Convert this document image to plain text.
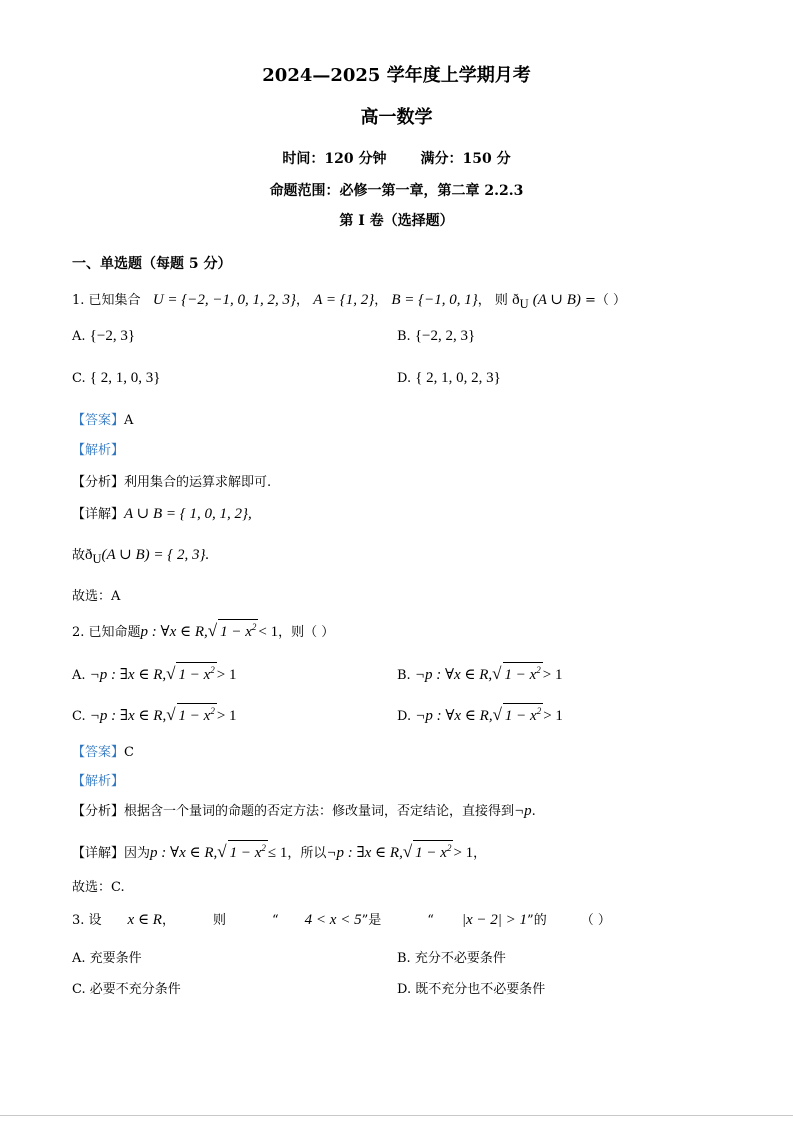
2024—2025 学年度上学期月考
高一数学
时间：120 分钟 满分：150 分
命题范围：必修一第一章，第二章 2.2.3
第 I 卷（选择题）
一、单选题（每题 5 分）
1. 已知集合 U = {−2, −1, 0, 1, 2, 3}， A = {1, 2}， B = {−1, 0, 1}， 则 $ð_U$ (A ∪ B) =（ ）
A. {−2, 3}	B. {−2, 2, 3}
C. { 2, 1, 0, 3}	D. { 2, 1, 0, 2, 3}
【答案】A
【解析】
【分析】利用集合的运算求解即可.
【详解】A ∪ B = { 1, 0, 1, 2},
故$ð_U(A$ ∪ B) = { 2, 3}.
故选：A
2. 已知命题p : ∀x ∈ R,√ $1 - x^2 < 1$，则（ ）
A. ¬p : ∃x ∈ R,√ $1 - x^2 > 1$	B. ¬p : ∀x ∈ R,√ $1 - x^2 > 1$
C. ¬p : ∃x ∈ R,√ $1 - x^2 > 1$	D. ¬p : ∀x ∈ R,√ $1 - x^2 > 1$
【答案】C
【解析】
【分析】根据含一个量词的命题的否定方法：修改量词，否定结论，直接得到¬p.
【详解】因为p : ∀x ∈ R,√ $1 - x^2 \le 1$，所以¬p : ∃x ∈ R,√ $1 - x^2 > 1$，
故选：C.
3. 设 x ∈ R，	则	“ 4 < x < 5”是	“ |x − 2| > 1”的	（ ）
A. 充要条件	B. 充分不必要条件
C. 必要不充分条件	D. 既不充分也不必要条件
